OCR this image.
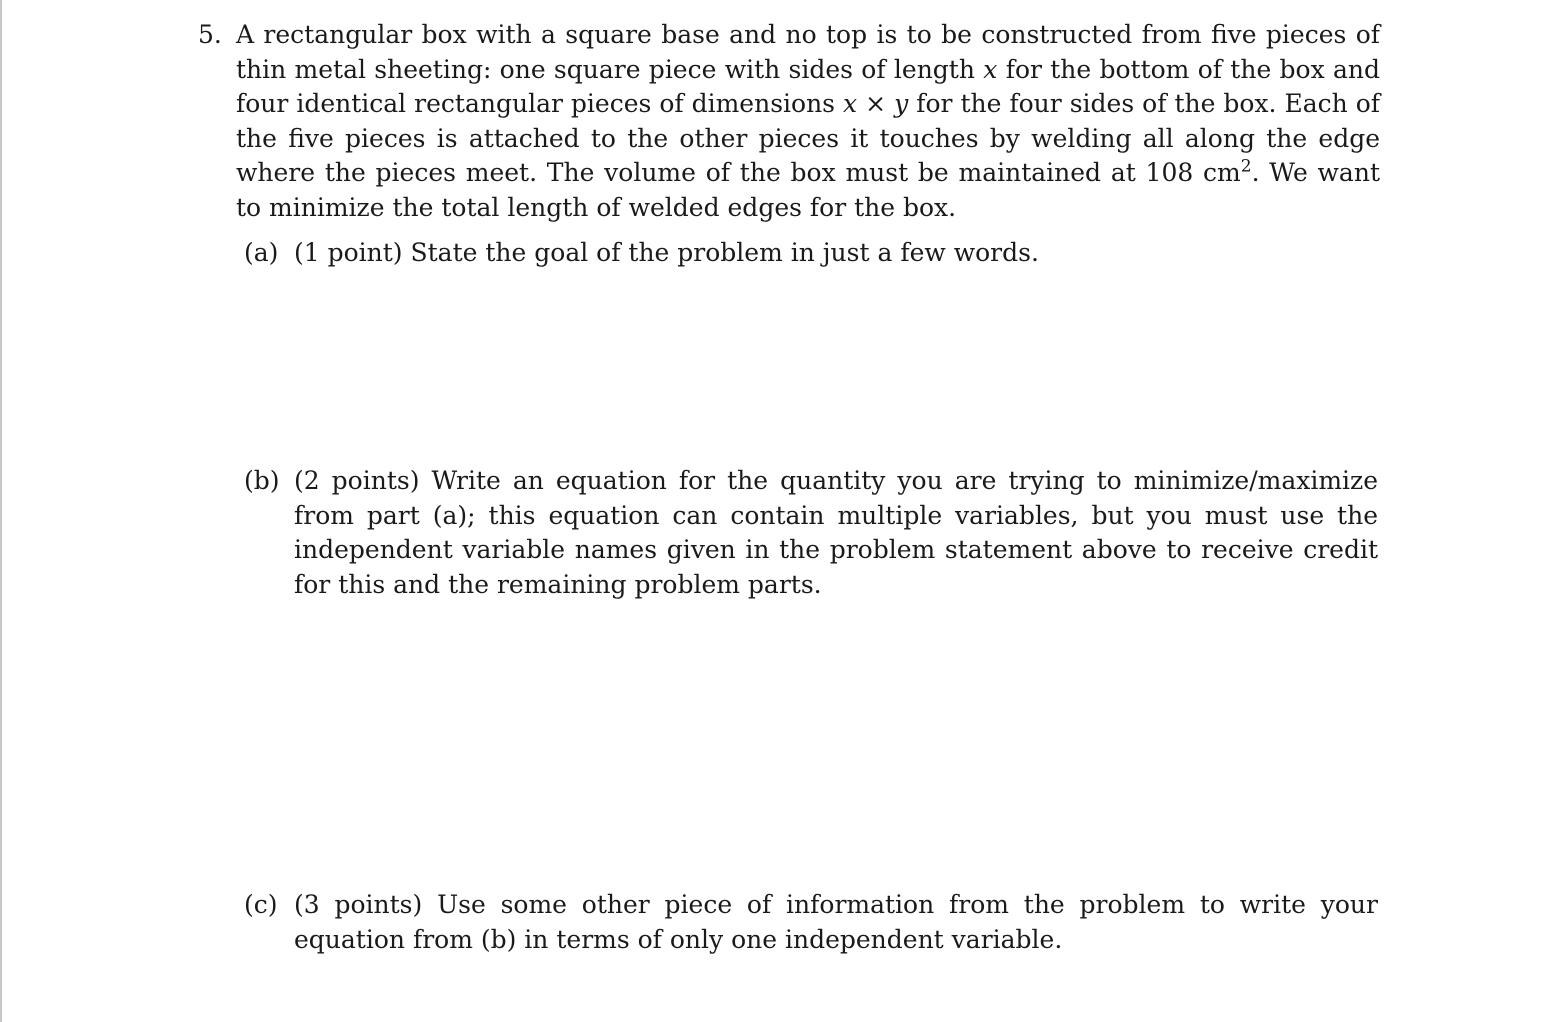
5. A rectangular box with a square base and no top is to be constructed from five pieces of thin metal sheeting: one square piece with sides of length x for the bottom of the box and four identical rectangular pieces of dimensions x × y for the four sides of the box. Each of the five pieces is attached to the other pieces it touches by welding all along the edge where the pieces meet. The volume of the box must be maintained at 108 $cm^2$. We want to minimize the total length of welded edges for the box.
(a) (1 point) State the goal of the problem in just a few words.
(b) (2 points) Write an equation for the quantity you are trying to minimize/maximize from part (a); this equation can contain multiple variables, but you must use the independent variable names given in the problem statement above to receive credit for this and the remaining problem parts.
(c) (3 points) Use some other piece of information from the problem to write your equation from (b) in terms of only one independent variable.
